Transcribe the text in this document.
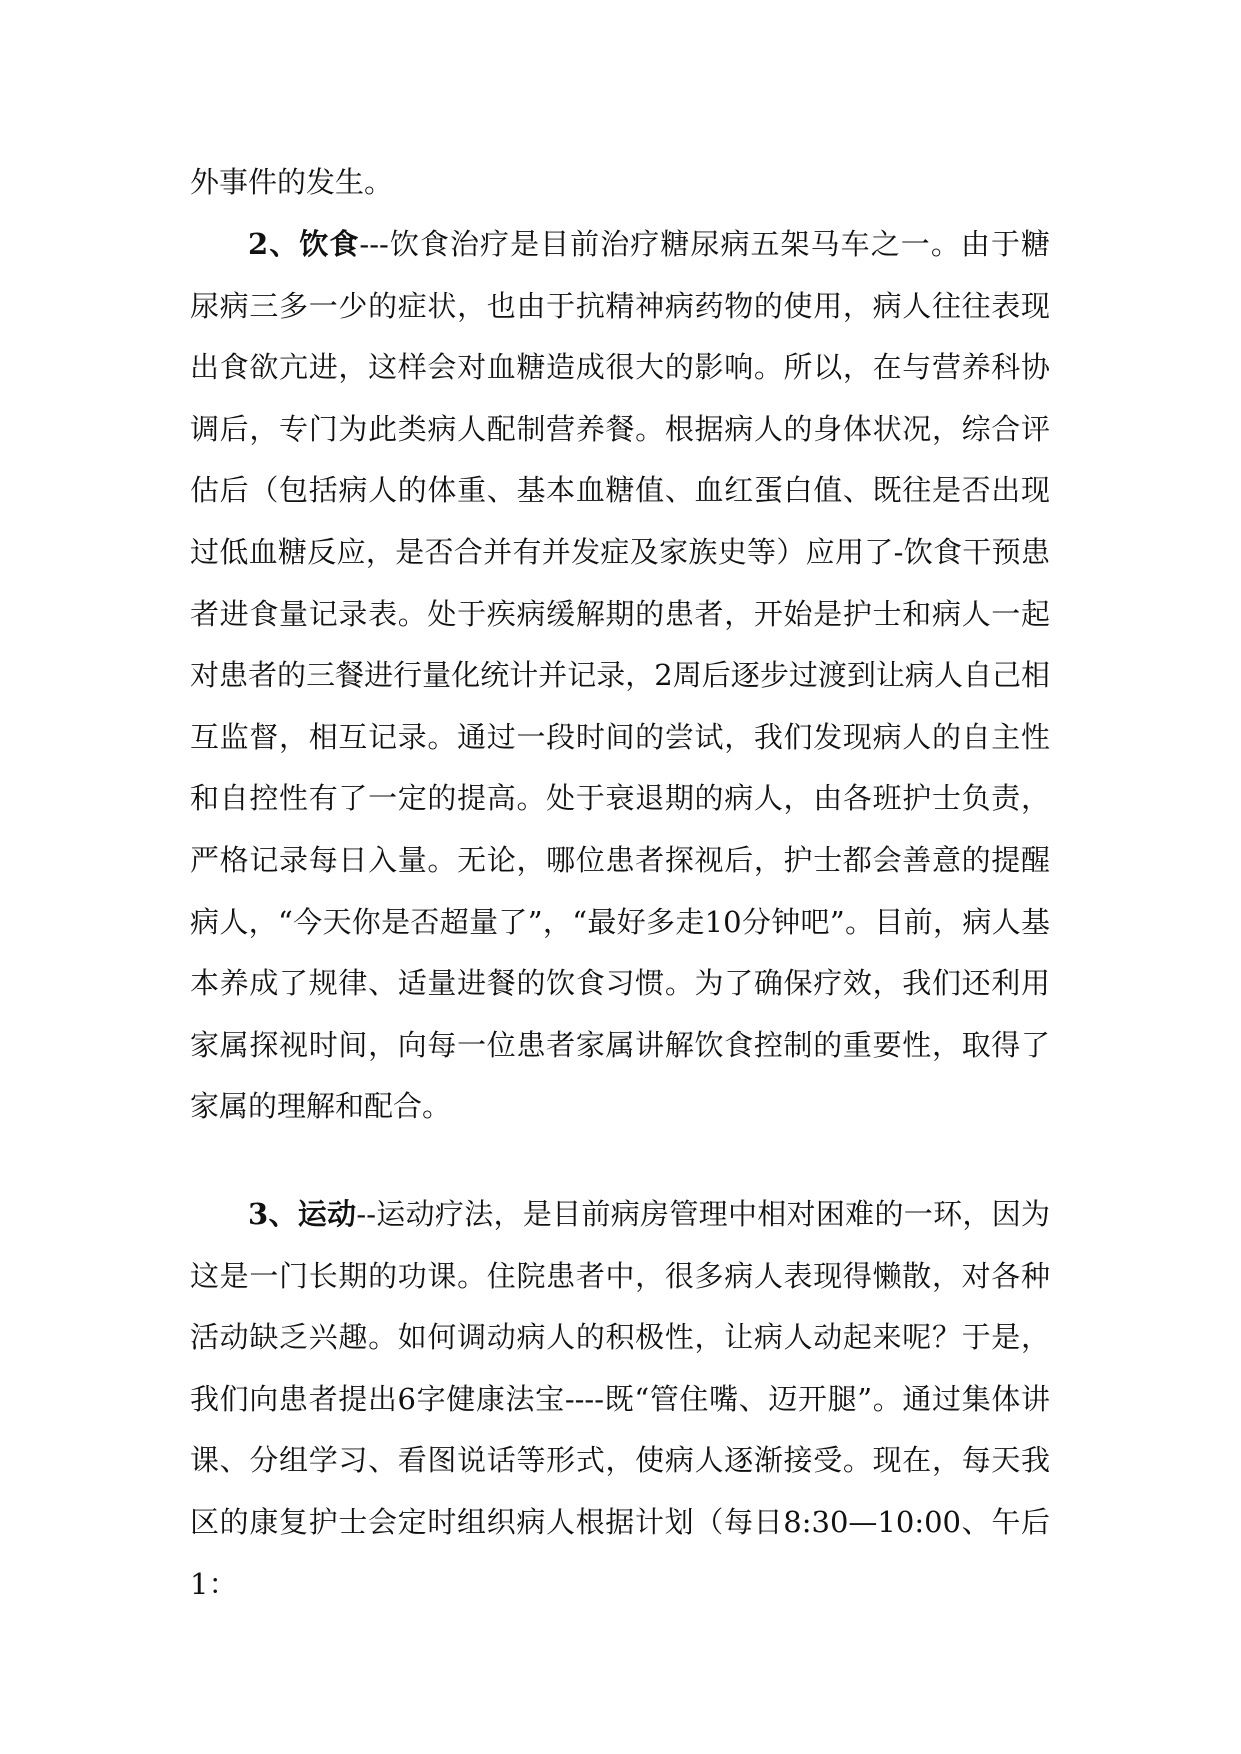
外事件的发生。

2、饮食---饮食治疗是目前治疗糖尿病五架马车之一。由于糖尿病三多一少的症状，也由于抗精神病药物的使用，病人往往表现出食欲亢进，这样会对血糖造成很大的影响。所以，在与营养科协调后，专门为此类病人配制营养餐。根据病人的身体状况，综合评估后（包括病人的体重、基本血糖值、血红蛋白值、既往是否出现过低血糖反应，是否合并有并发症及家族史等）应用了-饮食干预患者进食量记录表。处于疾病缓解期的患者，开始是护士和病人一起对患者的三餐进行量化统计并记录，2周后逐步过渡到让病人自己相互监督，相互记录。通过一段时间的尝试，我们发现病人的自主性和自控性有了一定的提高。处于衰退期的病人，由各班护士负责，严格记录每日入量。无论，哪位患者探视后，护士都会善意的提醒病人，“今天你是否超量了”，“最好多走10分钟吧”。目前，病人基本养成了规律、适量进餐的饮食习惯。为了确保疗效，我们还利用家属探视时间，向每一位患者家属讲解饮食控制的重要性，取得了家属的理解和配合。

3、运动--运动疗法，是目前病房管理中相对困难的一环，因为这是一门长期的功课。住院患者中，很多病人表现得懒散，对各种活动缺乏兴趣。如何调动病人的积极性，让病人动起来呢？于是，我们向患者提出6字健康法宝----既“管住嘴、迈开腿”。通过集体讲课、分组学习、看图说话等形式，使病人逐渐接受。现在，每天我区的康复护士会定时组织病人根据计划（每日8:30—10:00、午后1：
